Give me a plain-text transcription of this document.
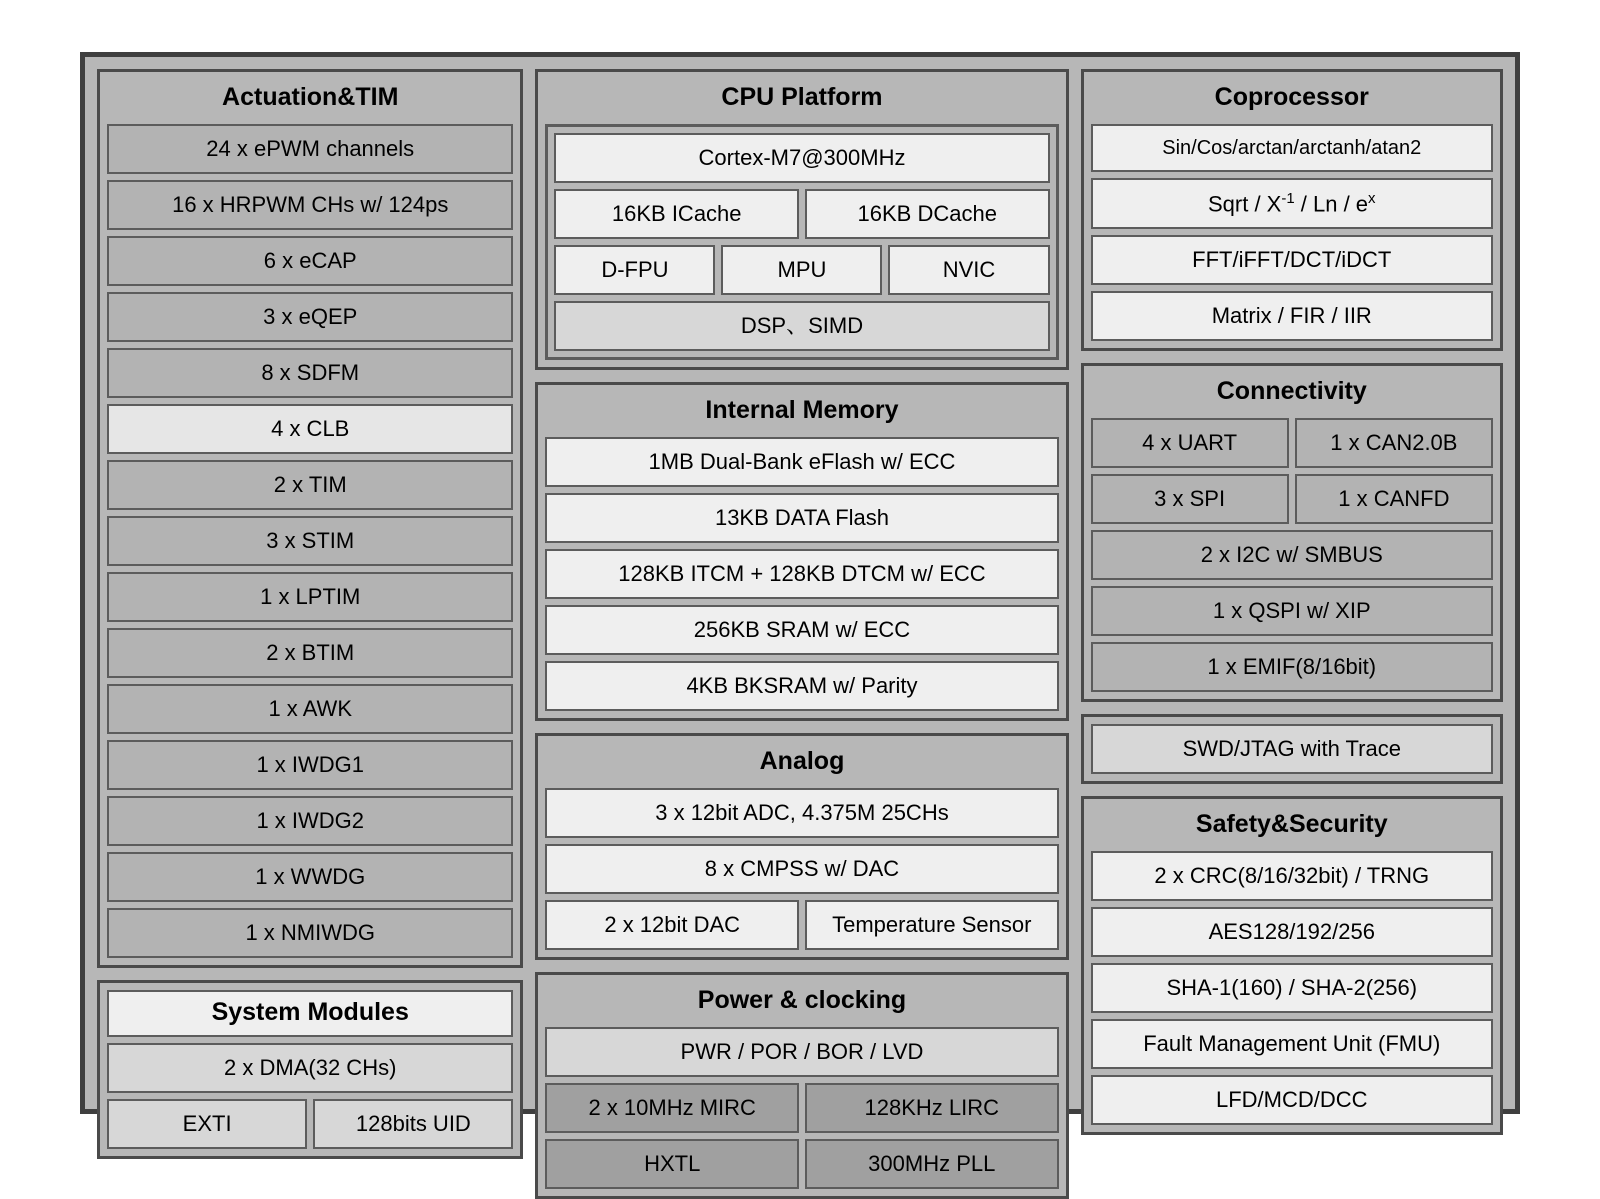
Actuation&TIM
24 x ePWM channels
16 x HRPWM CHs w/ 124ps
6 x eCAP
3 x eQEP
8 x SDFM
4 x CLB
2 x TIM
3 x STIM
1 x LPTIM
2 x BTIM
1 x AWK
1 x IWDG1
1 x IWDG2
1 x WWDG
1 x NMIWDG
System Modules
2 x DMA(32 CHs)
EXTI	128bits UID
CPU Platform
Cortex-M7@300MHz
16KB ICache	16KB DCache
D-FPU	MPU	NVIC
DSP、SIMD
Internal Memory
1MB Dual-Bank eFlash w/ ECC
13KB DATA Flash
128KB ITCM + 128KB DTCM w/ ECC
256KB SRAM w/ ECC
4KB BKSRAM w/ Parity
Analog
3 x 12bit ADC, 4.375M 25CHs
8 x CMPSS w/ DAC
2 x 12bit DAC	Temperature Sensor
Power & clocking
PWR / POR / BOR / LVD
2 x 10MHz MIRC	128KHz LIRC
HXTL	300MHz PLL
Coprocessor
Sin/Cos/arctan/arctanh/atan2
Sqrt / $X^{-1}$ / Ln / $e^x$
FFT/iFFT/DCT/iDCT
Matrix / FIR / IIR
Connectivity
4 x UART	1 x CAN2.0B
3 x SPI	1 x CANFD
2 x I2C w/ SMBUS
1 x QSPI w/ XIP
1 x EMIF(8/16bit)
SWD/JTAG with Trace
Safety&Security
2 x CRC(8/16/32bit) / TRNG
AES128/192/256
SHA-1(160) / SHA-2(256)
Fault Management Unit (FMU)
LFD/MCD/DCC
